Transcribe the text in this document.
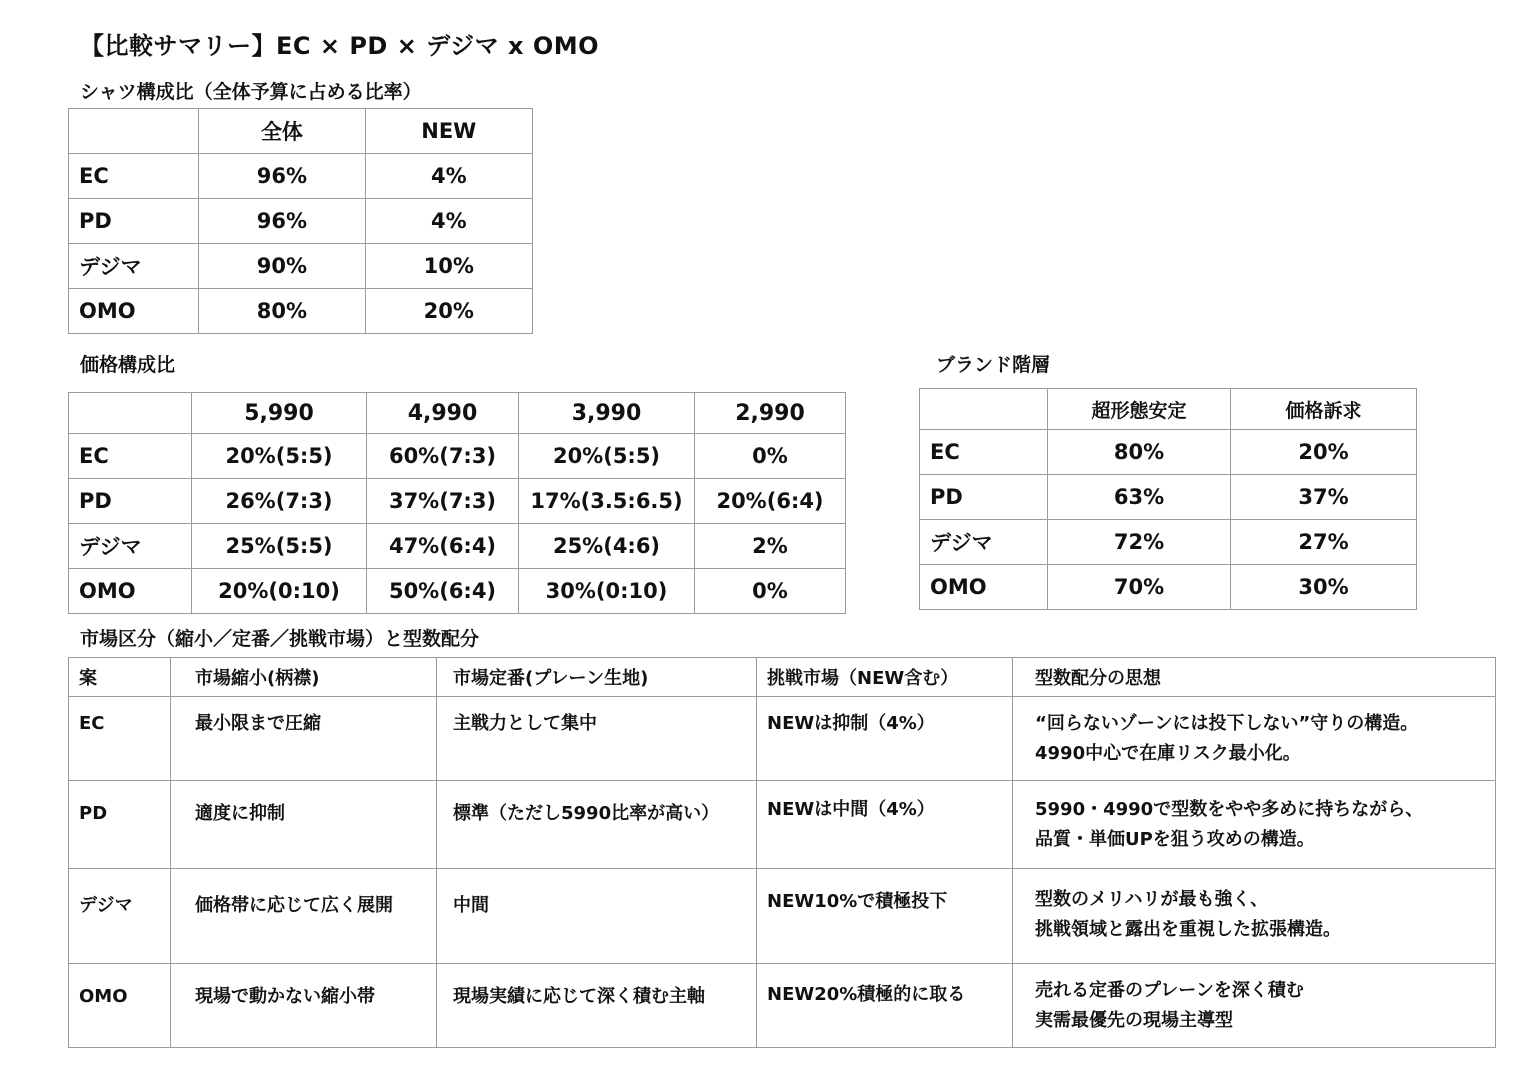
【比較サマリー】EC × PD × デジマ x OMO
シャツ構成比（全体予算に占める比率）
	全体	NEW
EC	96%	4%
PD	96%	4%
デジマ	90%	10%
OMO	80%	20%
価格構成比
	5,990	4,990	3,990	2,990
EC	20%(5:5)	60%(7:3)	20%(5:5)	0%
PD	26%(7:3)	37%(7:3)	17%(3.5:6.5)	20%(6:4)
デジマ	25%(5:5)	47%(6:4)	25%(4:6)	2%
OMO	20%(0:10)	50%(6:4)	30%(0:10)	0%
ブランド階層
	超形態安定	価格訴求
EC	80%	20%
PD	63%	37%
デジマ	72%	27%
OMO	70%	30%
市場区分（縮小／定番／挑戦市場）と型数配分
案	市場縮小(柄襟)	市場定番(プレーン生地)	挑戦市場（NEW含む）	型数配分の思想
EC	最小限まで圧縮	主戦力として集中	NEWは抑制（4%）	“回らないゾーンには投下しない”守りの構造。
4990中心で在庫リスク最小化。

PD	適度に抑制	標準（ただし5990比率が高い）	NEWは中間（4%）	5990・4990で型数をやや多めに持ちながら、
品質・単価UPを狙う攻めの構造。

デジマ	価格帯に応じて広く展開	中間	NEW10%で積極投下	型数のメリハリが最も強く、
挑戦領域と露出を重視した拡張構造。

OMO	現場で動かない縮小帯	現場実績に応じて深く積む主軸	NEW20%積極的に取る	売れる定番のプレーンを深く積む
実需最優先の現場主導型
